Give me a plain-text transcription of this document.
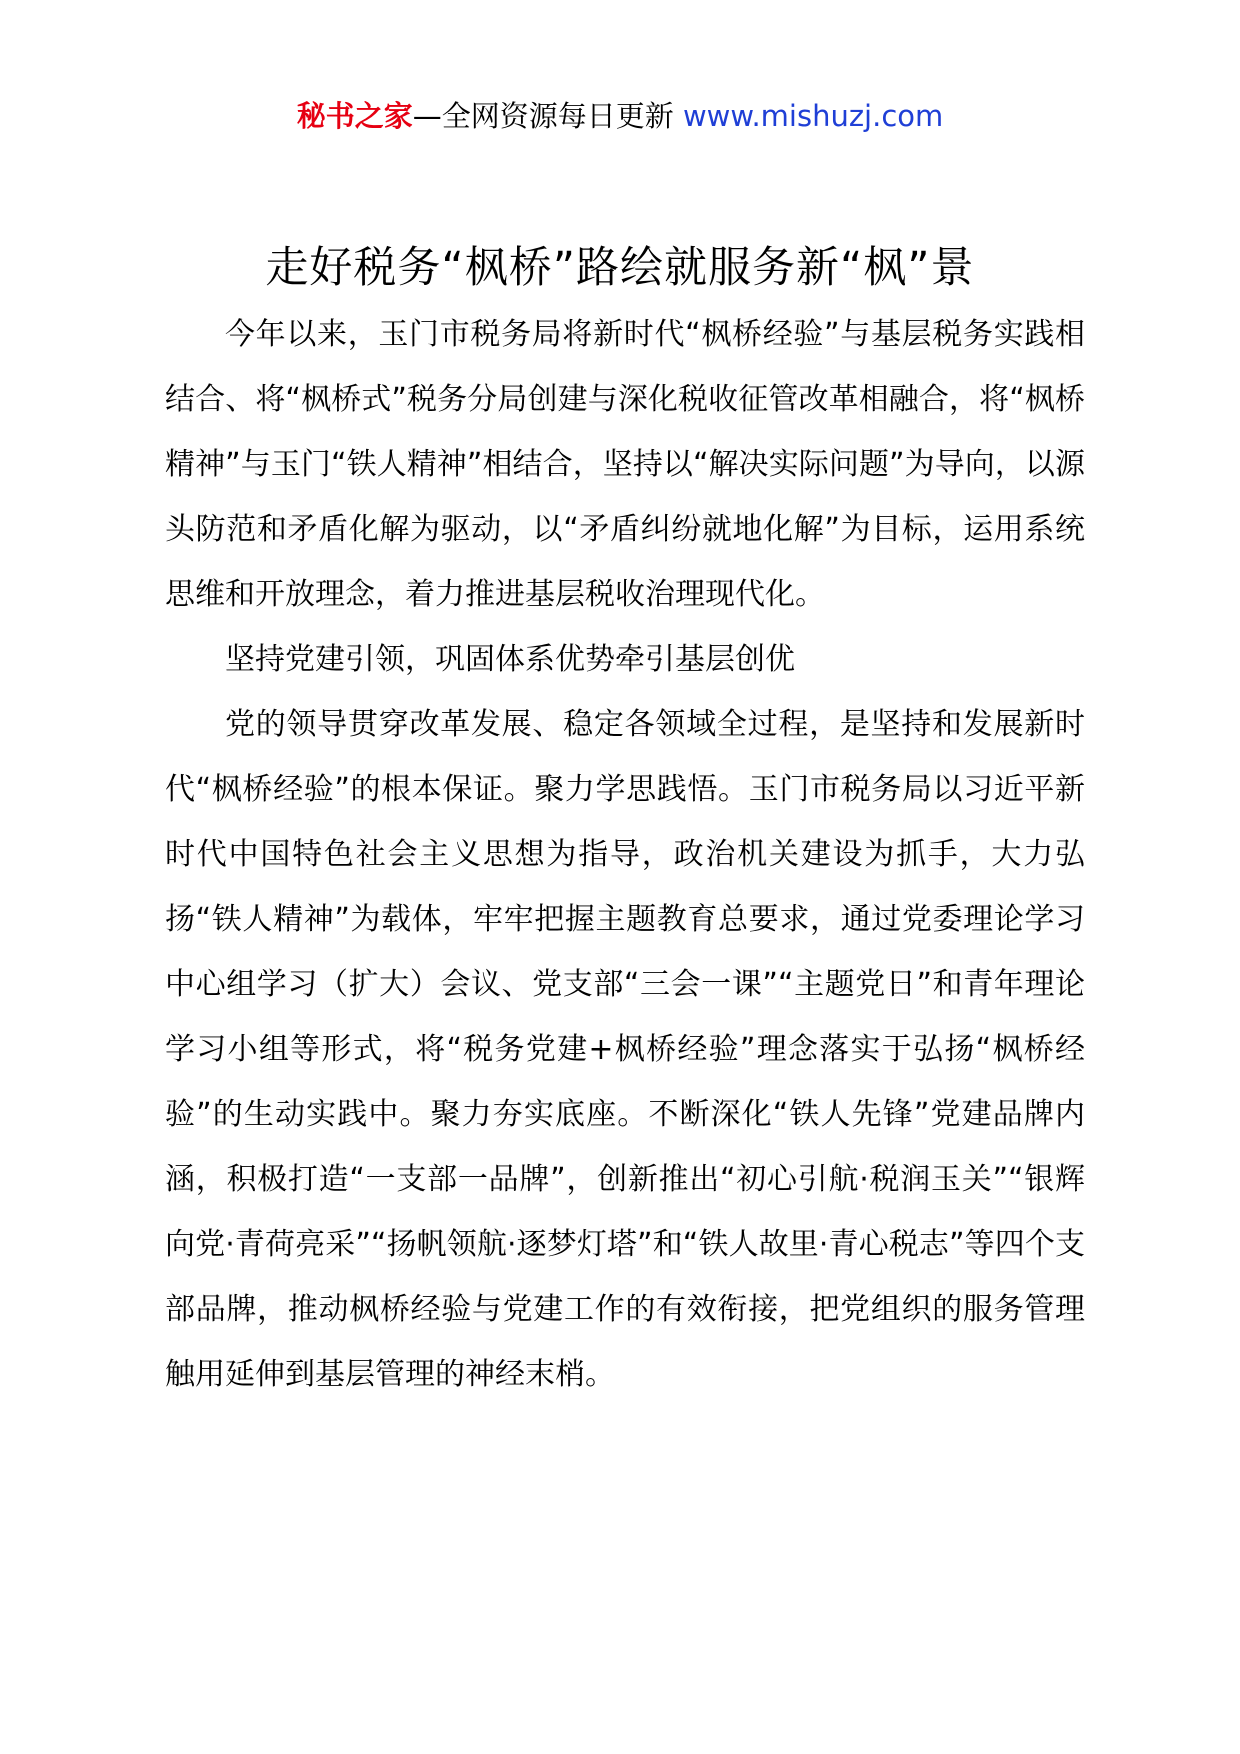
秘书之家—全网资源每日更新 www.mishuzj.com
走好税务“枫桥”路绘就服务新“枫”景

今年以来，玉门市税务局将新时代“枫桥经验”与基层税务实践相结合、将“枫桥式”税务分局创建与深化税收征管改革相融合，将“枫桥精神”与玉门“铁人精神”相结合，坚持以“解决实际问题”为导向，以源头防范和矛盾化解为驱动，以“矛盾纠纷就地化解”为目标，运用系统思维和开放理念，着力推进基层税收治理现代化。

坚持党建引领，巩固体系优势牵引基层创优

党的领导贯穿改革发展、稳定各领域全过程，是坚持和发展新时代“枫桥经验”的根本保证。聚力学思践悟。玉门市税务局以习近平新时代中国特色社会主义思想为指导，政治机关建设为抓手，大力弘扬“铁人精神”为载体，牢牢把握主题教育总要求，通过党委理论学习中心组学习（扩大）会议、党支部“三会一课”“主题党日”和青年理论学习小组等形式，将“税务党建+枫桥经验”理念落实于弘扬“枫桥经验”的生动实践中。聚力夯实底座。不断深化“铁人先锋”党建品牌内涵，积极打造“一支部一品牌”，创新推出“初心引航·税润玉关”“银辉向党·青荷亮采”“扬帆领航·逐梦灯塔”和“铁人故里·青心税志”等四个支部品牌，推动枫桥经验与党建工作的有效衔接，把党组织的服务管理触用延伸到基层管理的神经末梢。
